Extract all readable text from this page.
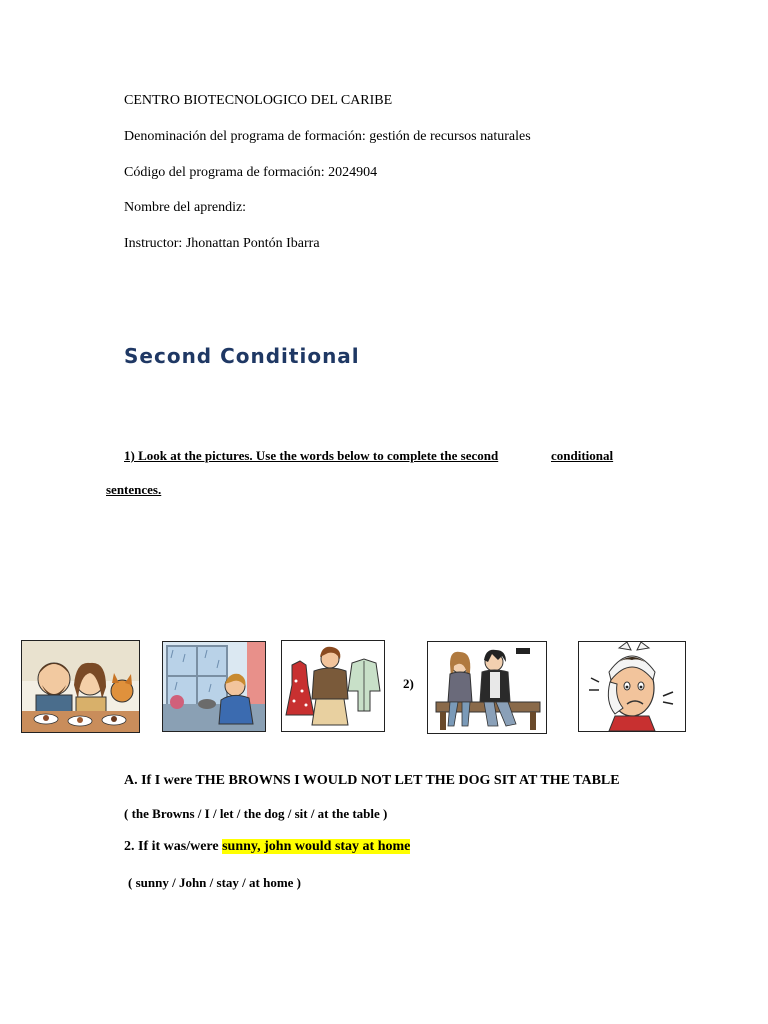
CENTRO BIOTECNOLOGICO DEL CARIBE
Denominación del programa de formación: gestión de recursos naturales
Código del programa de formación: 2024904
Nombre del aprendiz:
Instructor: Jhonattan Pontón Ibarra
Second Conditional
1) Look at the pictures. Use the words below to complete the second	conditional
sentences.
2)
A. If I were THE BROWNS I WOULD NOT LET THE DOG SIT AT THE TABLE
( the Browns / I / let / the dog / sit / at the table )
2. If it was/were sunny, john would stay at home
( sunny / John / stay / at home )
